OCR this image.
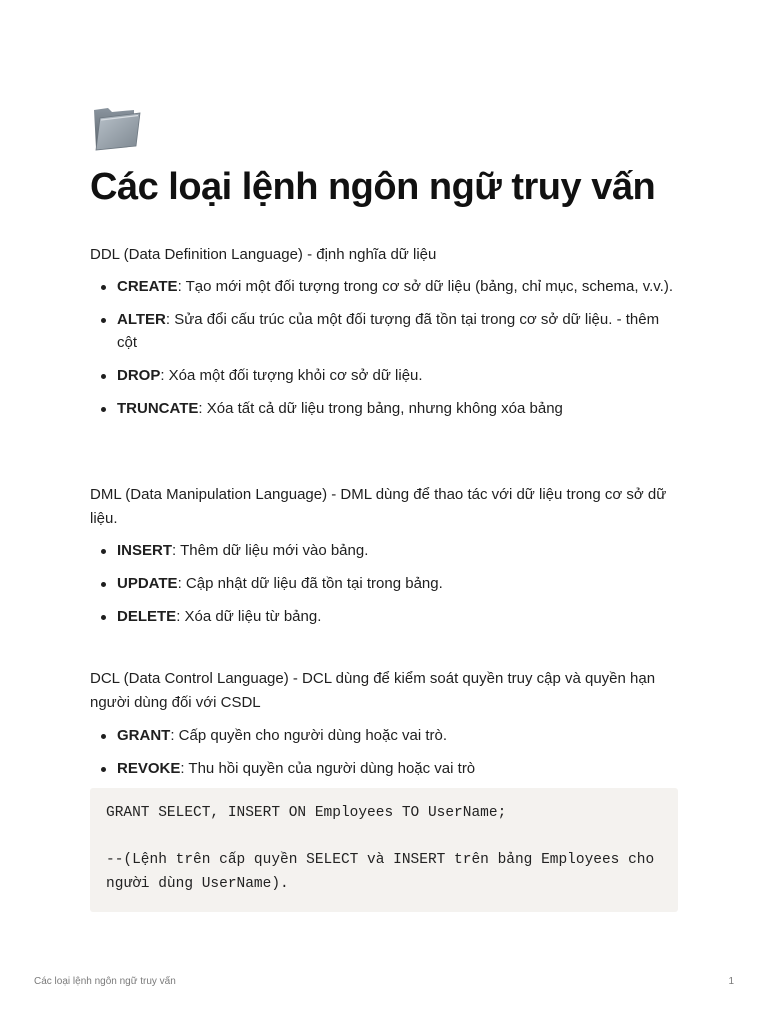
Các loại lệnh ngôn ngữ truy vấn

DDL (Data Definition Language) - định nghĩa dữ liệu

CREATE: Tạo mới một đối tượng trong cơ sở dữ liệu (bảng, chỉ mục, schema, v.v.).
ALTER: Sửa đổi cấu trúc của một đối tượng đã tồn tại trong cơ sở dữ liệu. - thêm cột
DROP: Xóa một đối tượng khỏi cơ sở dữ liệu.
TRUNCATE: Xóa tất cả dữ liệu trong bảng, nhưng không xóa bảng

DML (Data Manipulation Language) - DML dùng để thao tác với dữ liệu trong cơ sở dữ liệu.

INSERT: Thêm dữ liệu mới vào bảng.
UPDATE: Cập nhật dữ liệu đã tồn tại trong bảng.
DELETE: Xóa dữ liệu từ bảng.

DCL (Data Control Language) - DCL dùng để kiểm soát quyền truy cập và quyền hạn người dùng đối với CSDL

GRANT: Cấp quyền cho người dùng hoặc vai trò.
REVOKE: Thu hồi quyền của người dùng hoặc vai trò
GRANT SELECT, INSERT ON Employees TO UserName;

--(Lệnh trên cấp quyền SELECT và INSERT trên bảng Employees cho người dùng UserName).
Các loại lệnh ngôn ngữ truy vấn	1
